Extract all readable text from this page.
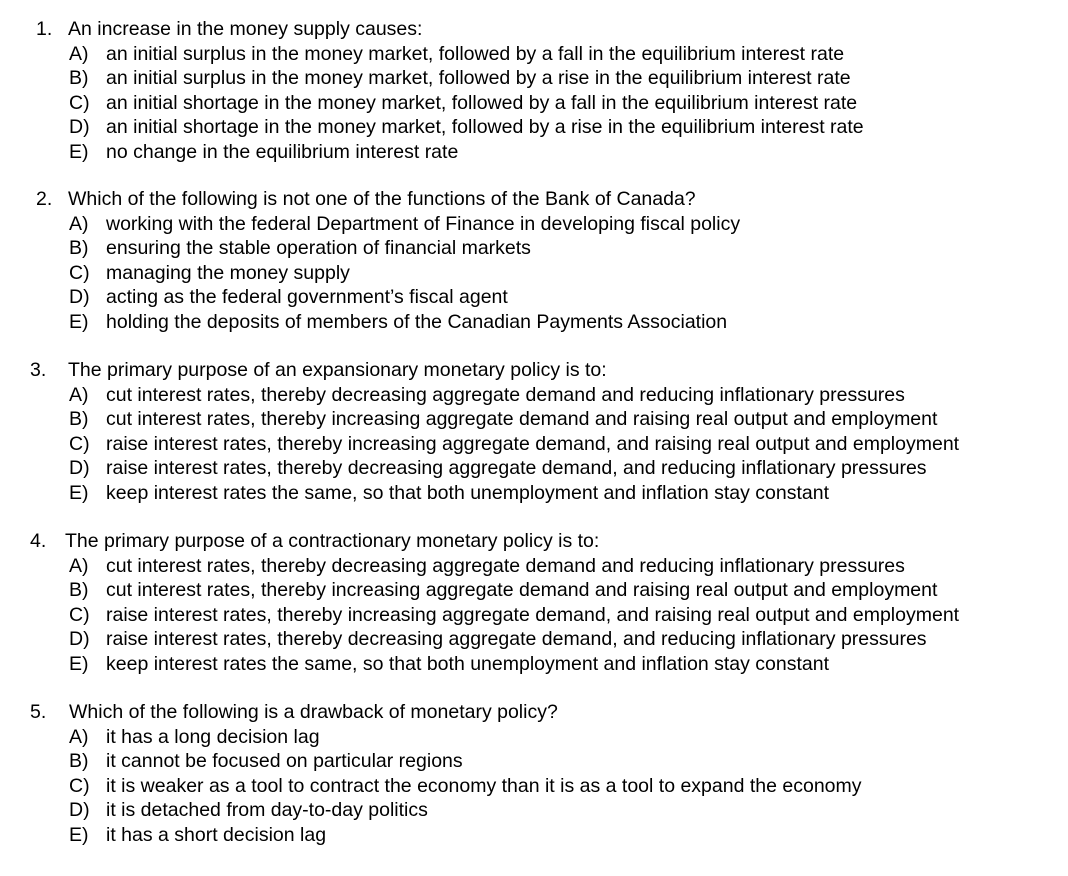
1. An increase in the money supply causes:
A) an initial surplus in the money market, followed by a fall in the equilibrium interest rate
B) an initial surplus in the money market, followed by a rise in the equilibrium interest rate
C) an initial shortage in the money market, followed by a fall in the equilibrium interest rate
D) an initial shortage in the money market, followed by a rise in the equilibrium interest rate
E) no change in the equilibrium interest rate
2. Which of the following is not one of the functions of the Bank of Canada?
A) working with the federal Department of Finance in developing fiscal policy
B) ensuring the stable operation of financial markets
C) managing the money supply
D) acting as the federal government’s fiscal agent
E) holding the deposits of members of the Canadian Payments Association
3. The primary purpose of an expansionary monetary policy is to:
A) cut interest rates, thereby decreasing aggregate demand and reducing inflationary pressures
B) cut interest rates, thereby increasing aggregate demand and raising real output and employment
C) raise interest rates, thereby increasing aggregate demand, and raising real output and employment
D) raise interest rates, thereby decreasing aggregate demand, and reducing inflationary pressures
E) keep interest rates the same, so that both unemployment and inflation stay constant
4. The primary purpose of a contractionary monetary policy is to:
A) cut interest rates, thereby decreasing aggregate demand and reducing inflationary pressures
B) cut interest rates, thereby increasing aggregate demand and raising real output and employment
C) raise interest rates, thereby increasing aggregate demand, and raising real output and employment
D) raise interest rates, thereby decreasing aggregate demand, and reducing inflationary pressures
E) keep interest rates the same, so that both unemployment and inflation stay constant
5. Which of the following is a drawback of monetary policy?
A) it has a long decision lag
B) it cannot be focused on particular regions
C) it is weaker as a tool to contract the economy than it is as a tool to expand the economy
D) it is detached from day-to-day politics
E) it has a short decision lag
